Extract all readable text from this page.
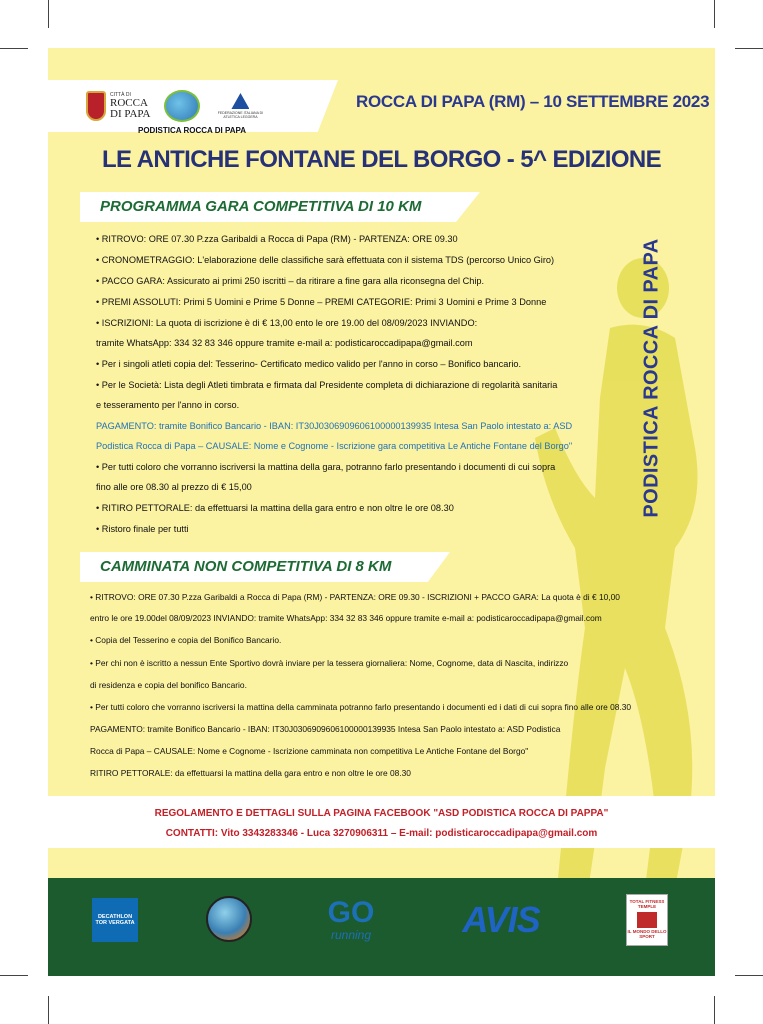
CITTÀ DI
ROCCA
DI PAPA	FEDERAZIONE ITALIANA DI ATLETICA LEGGERA
PODISTICA ROCCA DI PAPA
ROCCA DI PAPA (RM) – 10 SETTEMBRE 2023
LE ANTICHE FONTANE DEL BORGO - 5^ EDIZIONE
PROGRAMMA GARA COMPETITIVA DI 10 KM
• RITROVO: ORE 07.30 P.zza Garibaldi a Rocca di Papa (RM) - PARTENZA: ORE 09.30
• CRONOMETRAGGIO: L'elaborazione delle classifiche sarà effettuata con il sistema TDS (percorso Unico Giro)
• PACCO GARA: Assicurato ai primi 250 iscritti – da ritirare a fine gara alla riconsegna del Chip.
• PREMI ASSOLUTI: Primi 5 Uomini e Prime 5 Donne – PREMI CATEGORIE: Primi 3 Uomini e Prime 3 Donne
• ISCRIZIONI: La quota di iscrizione è di € 13,00 ento le ore 19.00 del 08/09/2023 INVIANDO:
tramite WhatsApp: 334 32 83 346 oppure tramite e-mail a: podisticaroccadipapa@gmail.com
• Per i singoli atleti copia del: Tesserino- Certificato medico valido per l'anno in corso – Bonifico bancario.
• Per le Società: Lista degli Atleti timbrata e firmata dal Presidente completa di dichiarazione di regolarità sanitaria
e tesseramento per l'anno in corso.
PAGAMENTO: tramite Bonifico Bancario - IBAN: IT30J0306909606100000139935 Intesa San Paolo intestato a: ASD
Podistica Rocca di Papa – CAUSALE: Nome e Cognome - Iscrizione gara competitiva Le Antiche Fontane del Borgo"
• Per tutti coloro che vorranno iscriversi la mattina della gara, potranno farlo presentando i documenti di cui sopra
fino alle ore 08.30 al prezzo di € 15,00
• RITIRO PETTORALE: da effettuarsi la mattina della gara entro e non oltre le ore 08.30
• Ristoro finale per tutti
CAMMINATA NON COMPETITIVA DI 8 KM
• RITROVO: ORE 07.30 P.zza Garibaldi a Rocca di Papa (RM) - PARTENZA: ORE 09.30 - ISCRIZIONI + PACCO GARA: La quota è di € 10,00
entro le ore 19.00del 08/09/2023 INVIANDO: tramite WhatsApp: 334 32 83 346 oppure tramite e-mail a: podisticaroccadipapa@gmail.com
• Copia del Tesserino e copia del Bonifico Bancario.
• Per chi non è iscritto a nessun Ente Sportivo dovrà inviare per la tessera giornaliera: Nome, Cognome, data di Nascita, indirizzo
di residenza e copia del bonifico Bancario.
• Per tutti coloro che vorranno iscriversi la mattina della camminata potranno farlo presentando i documenti ed i dati di cui sopra fino alle ore 08.30
PAGAMENTO: tramite Bonifico Bancario - IBAN: IT30J0306909606100000139935 Intesa San Paolo intestato a: ASD Podistica
Rocca di Papa – CAUSALE: Nome e Cognome - Iscrizione camminata non competitiva Le Antiche Fontane del Borgo"
RITIRO PETTORALE: da effettuarsi la mattina della gara entro e non oltre le ore 08.30
PODISTICA ROCCA DI PAPA
REGOLAMENTO E DETTAGLI SULLA PAGINA FACEBOOK "ASD PODISTICA ROCCA DI PAPPA"
CONTATTI: Vito 3343283346 - Luca 3270906311 – E-mail: podisticaroccadipapa@gmail.com
DECATHLON
TOR VERGATA	GO
running	AVIS	TOTAL FITNESS TEMPLE
IL MONDO DELLO SPORT
